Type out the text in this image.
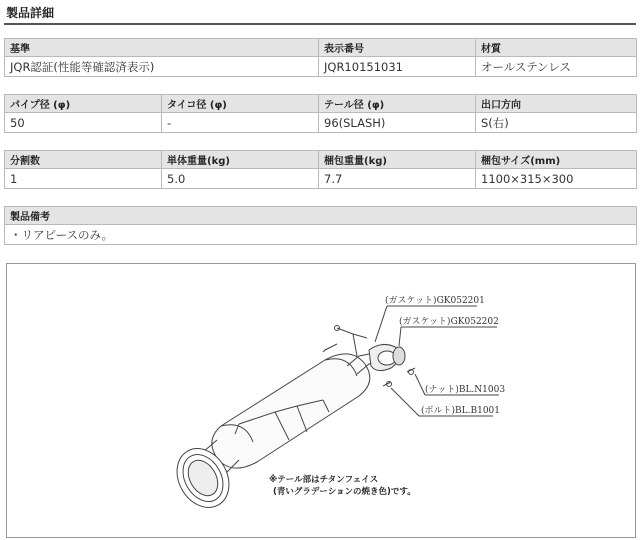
製品詳細
基準	表示番号	材質
JQR認証(性能等確認済表示)	JQR10151031	オールステンレス
パイプ径 (φ)	タイコ径 (φ)	テール径 (φ)	出口方向
50	-	96(SLASH)	S(右)
分割数	単体重量(kg)	梱包重量(kg)	梱包サイズ(mm)
1	5.0	7.7	1100×315×300
製品備考
・リアピースのみ。
(ガスケット)GK052201
(ガスケット)GK052202
(ナット)BL.N1003
(ボルト)BL.B1001
※テール部はチタンフェイス
(青いグラデーションの焼き色)です。
